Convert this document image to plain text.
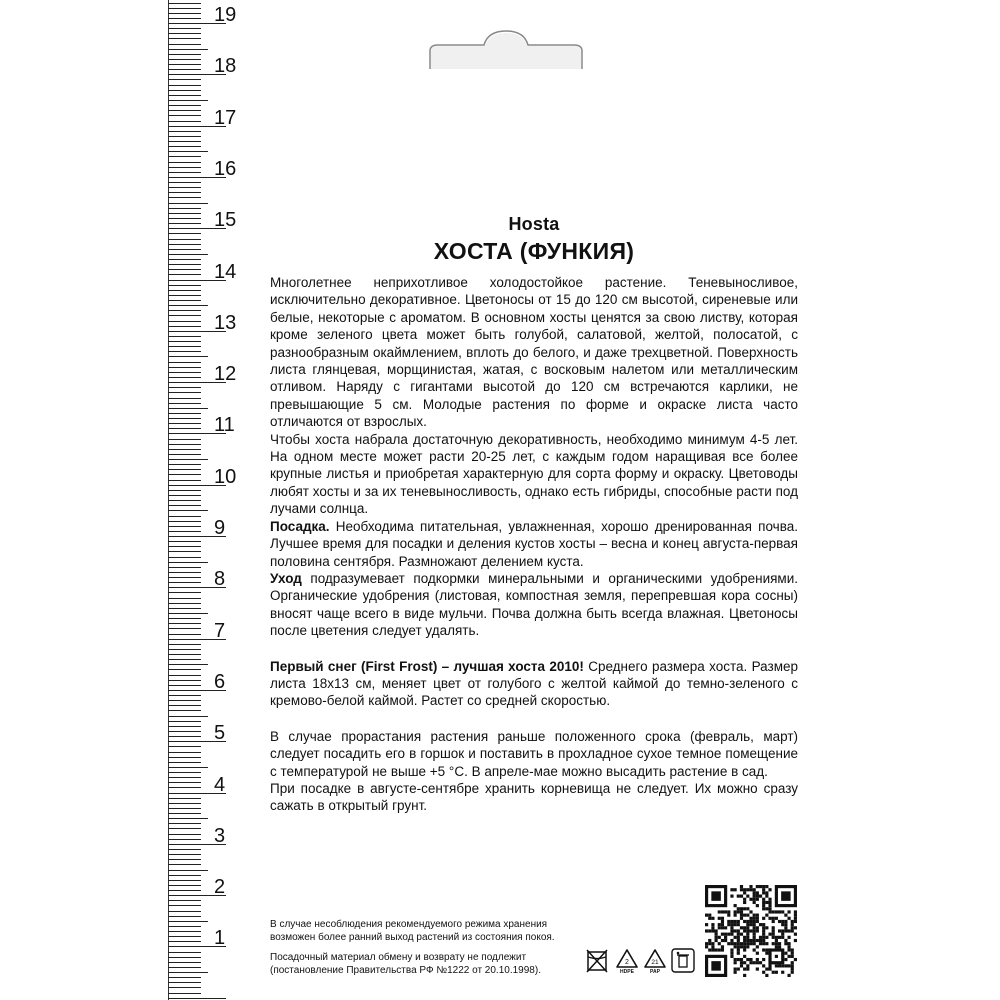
19
18
17
16
15
14
13
12
11
10
9
8
7
6
5
4
3
2
1
Hosta
ХОСТА (ФУНКИЯ)

Многолетнее неприхотливое холодостойкое растение. Теневыносливое, исключительно декоративное. Цветоносы от 15 до 120 см высотой, сиреневые или белые, некоторые с ароматом. В основном хосты ценятся за свою листву, которая кроме зеленого цвета может быть голубой, салатовой, желтой, полосатой, с разнообразным окаймлением, вплоть до белого, и даже трехцветной. Поверхность листа глянцевая, морщинистая, жатая, с восковым налетом или металлическим отливом. Наряду с гигантами высотой до 120 см встречаются карлики, не превышающие 5 см. Молодые растения по форме и окраске листа часто отличаются от взрослых.

Чтобы хоста набрала достаточную декоративность, необходимо минимум 4-5 лет. На одном месте может расти 20-25 лет, с каждым годом наращивая все более крупные листья и приобретая характерную для сорта форму и окраску. Цветоводы любят хосты и за их теневыносливость, однако есть гибриды, способные расти под лучами солнца.

Посадка. Необходима питательная, увлажненная, хорошо дренированная почва. Лучшее время для посадки и деления кустов хосты – весна и конец августа-первая половина сентября. Размножают делением куста.

Уход подразумевает подкормки минеральными и органическими удобрениями. Органические удобрения (листовая, компостная земля, перепревшая кора сосны) вносят чаще всего в виде мульчи. Почва должна быть всегда влажная. Цветоносы после цветения следует удалять.

Первый снег (First Frost) – лучшая хоста 2010! Среднего размера хоста. Размер листа 18х13 см, меняет цвет от голубого с желтой каймой до темно-зеленого с кремово-белой каймой. Растет со средней скоростью.

В случае прорастания растения раньше положенного срока (февраль, март) следует посадить его в горшок и поставить в прохладное сухое темное помещение с температурой не выше +5 °С. В апреле-мае можно высадить растение в сад.

При посадке в августе-сентябре хранить корневища не следует. Их можно сразу сажать в открытый грунт.

В случае несоблюдения рекомендуемого режима хранения возможен более ранний выход растений из состояния покоя.

Посадочный материал обмену и возврату не подлежит (постановление Правительства РФ №1222 от 20.10.1998).

2
HDPE
21
PAP
